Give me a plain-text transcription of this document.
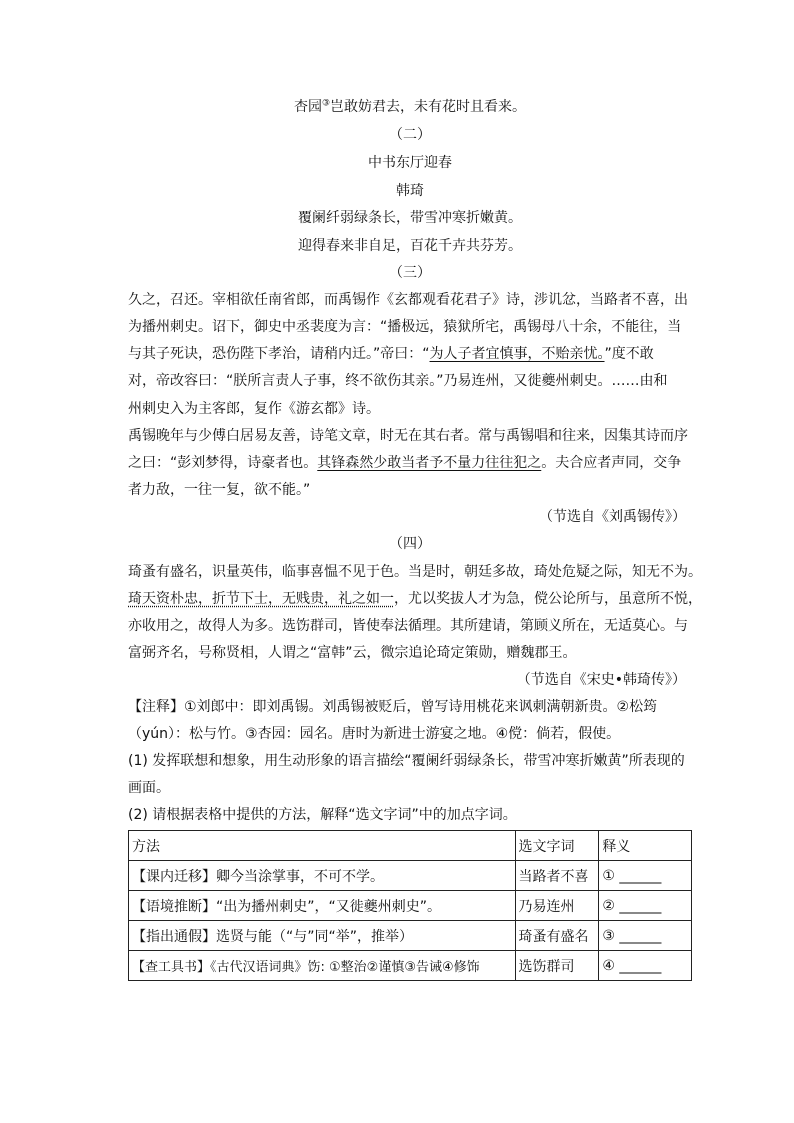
杏园③岂敢妨君去，未有花时且看来。
（二）
中书东厅迎春
韩琦
覆阑纤弱绿条长，带雪冲寒折嫩黄。
迎得春来非自足，百花千卉共芬芳。
（三）
久之，召还。宰相欲任南省郎，而禹锡作《玄都观看花君子》诗，涉讥忿，当路者不喜，出
为播州刺史。诏下，御史中丞裴度为言：“播极远，猿狱所宅，禹锡母八十余，不能往，当
与其子死诀，恐伤陛下孝治，请稍内迁。”帝曰：“为人子者宜慎事，不贻亲忧。”度不敢
对，帝改容曰：“朕所言责人子事，终不欲伤其亲。”乃易连州，又徙夔州刺史。……由和
州刺史入为主客郎，复作《游玄都》诗。
禹锡晚年与少傅白居易友善，诗笔文章，时无在其右者。常与禹锡唱和往来，因集其诗而序
之曰：“彭刘梦得，诗豪者也。其锋森然少敢当者予不量力往往犯之。夫合应者声同，交争
者力敌，一往一复，欲不能。”
（节选自《刘禹锡传》）
（四）
琦蚤有盛名，识量英伟，临事喜愠不见于色。当是时，朝廷多故，琦处危疑之际，知无不为。
琦天资朴忠，折节下士，无贱贵，礼之如一，尤以奖拔人才为急，傥公论所与，虽意所不悦，
亦收用之，故得人为多。选饬群司，皆使奉法循理。其所建请，第顾义所在，无适莫心。与
富弼齐名，号称贤相，人谓之“富韩”云，微宗追论琦定策勋，赠魏郡王。
（节选自《宋史•韩琦传》）
【注释】①刘郎中：即刘禹锡。刘禹锡被贬后，曾写诗用桃花来讽刺满朝新贵。②松筠
（yún）：松与竹。③杏园：园名。唐时为新进士游宴之地。④傥：倘若，假使。
(1) 发挥联想和想象，用生动形象的语言描绘“覆阑纤弱绿条长，带雪冲寒折嫩黄”所表现的
画面。
(2) 请根据表格中提供的方法，解释“选文字词”中的加点字词。
方法	选文字词	释义
【课内迁移】卿今当涂掌事，不可不学。	当路者不喜	① ______
【语境推断】“出为播州刺史”，“又徙夔州刺史”。	乃易连州	② ______
【指出通假】选贤与能（“与”同“举”，推举）	琦蚤有盛名	③ ______
【查工具书】《古代汉语词典》饬: ①整治②谨慎③告诫④修饰	选饬群司	④ ______
